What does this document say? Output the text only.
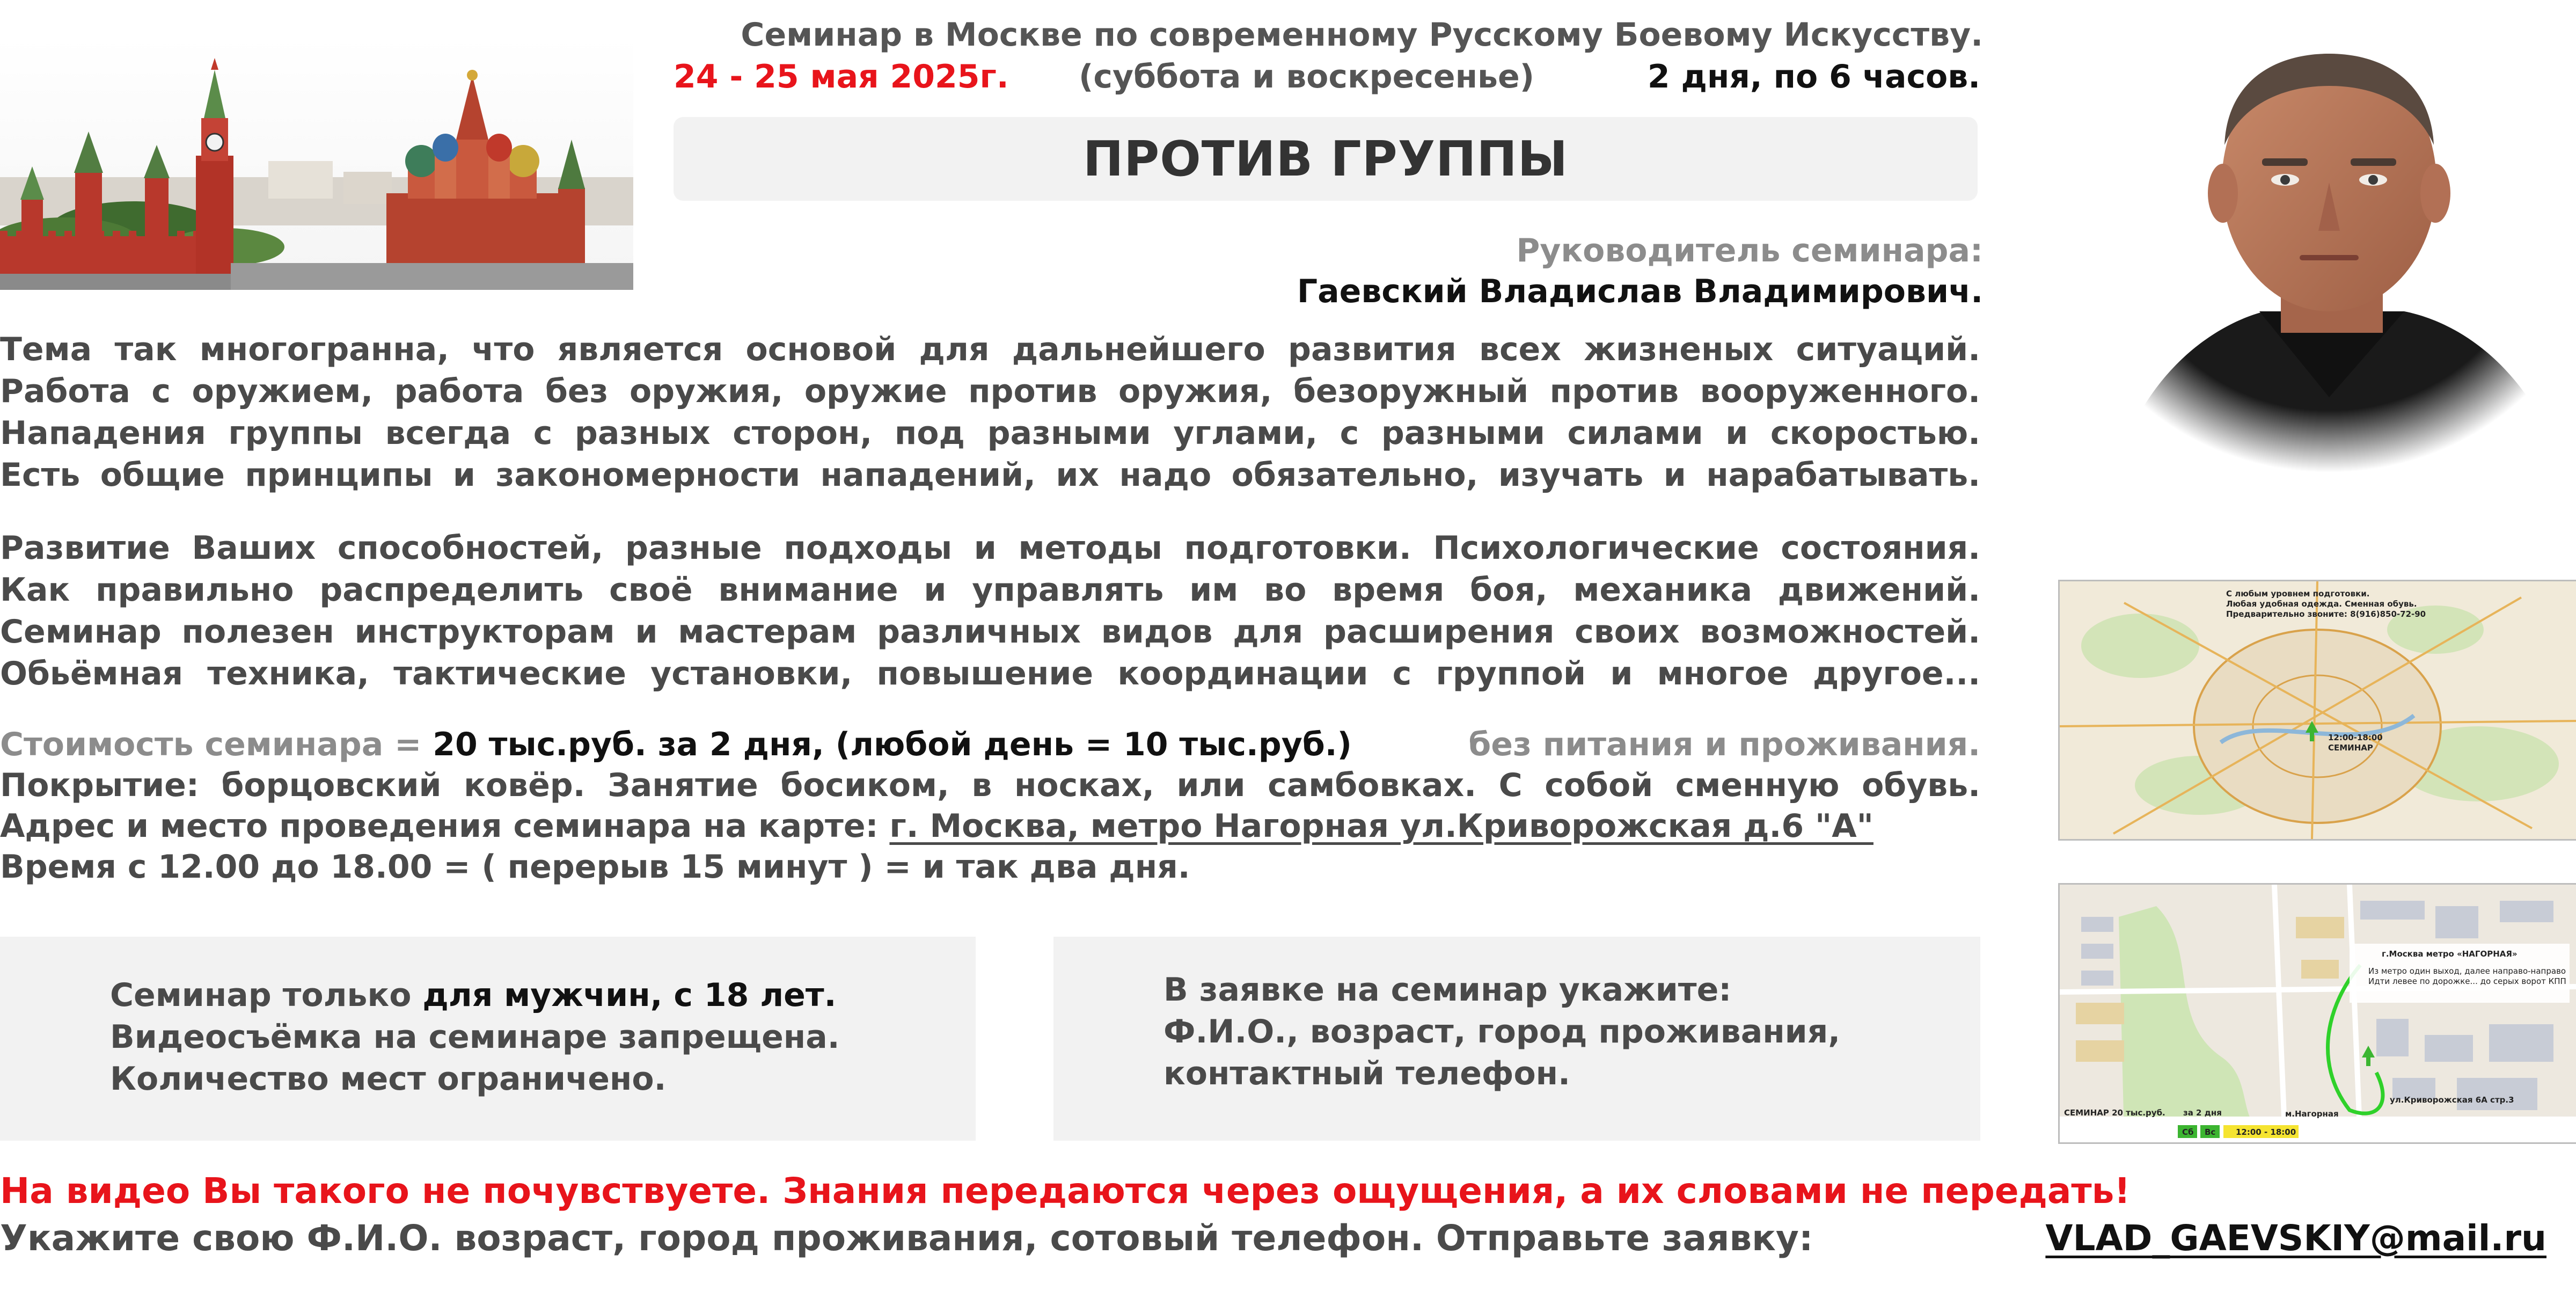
Семинар в Москве по современному Русскому Боевому Искусству.
24 - 25 мая 2025г. (суббота и воскресенье)	2 дня, по 6 часов.
ПРОТИВ ГРУППЫ
Руководитель семинара:
Гаевский Владислав Владимирович.
Тема так многогранна, что является основой для дальнейшего развития всех жизненых ситуаций.
Работа с оружием, работа без оружия, оружие против оружия, безоружный против вооруженного.
Нападения группы всегда с разных сторон, под разными углами, с разными силами и скоростью.
Есть общие принципы и закономерности нападений, их надо обязательно, изучать и нарабатывать.
Развитие Ваших способностей, разные подходы и методы подготовки. Психологические состояния.
Как правильно распределить своё внимание и управлять им во время боя, механика движений.
Семинар полезен инструкторам и мастерам различных видов для расширения своих возможностей.
Обьёмная техника, тактические установки, повышение координации с группой и многое другое...
Стоимость семинара = 20 тыс.руб. за 2 дня, (любой день = 10 тыс.руб.)	без питания и проживания.
Покрытие: борцовский ковёр. Занятие босиком, в носках, или самбовках. С собой сменную обувь.
Адрес и место проведения семинара на карте: г. Москва, метро Нагорная ул.Криворожская д.6 "А"
Время с 12.00 до 18.00 = ( перерыв 15 минут ) = и так два дня.
С любым уровнем подготовки.
Любая удобная одежда. Сменная обувь.
Предварительно звоните: 8(916)850-72-90
12:00-18:00
СЕМИНАР
г.Москва метро «НАГОРНАЯ»
Из метро один выход, далее направо-направо
Идти левее по дорожке... до серых ворот КПП
ул.Криворожская 6А стр.3
м.Нагорная
СЕМИНАР 20 тыс.руб. за 2 дня
Сб Вс	12:00 - 18:00
Семинар только для мужчин, с 18 лет.
Видеосъёмка на семинаре запрещена.
Количество мест ограничено.
В заявке на семинар укажите:
Ф.И.О., возраст, город проживания,
контактный телефон.
На видео Вы такого не почувствуете. Знания передаются через ощущения, а их словами не передать!
Укажите свою Ф.И.О. возраст, город проживания, сотовый телефон. Отправьте заявку:	VLAD_GAEVSKIY@mail.ru
